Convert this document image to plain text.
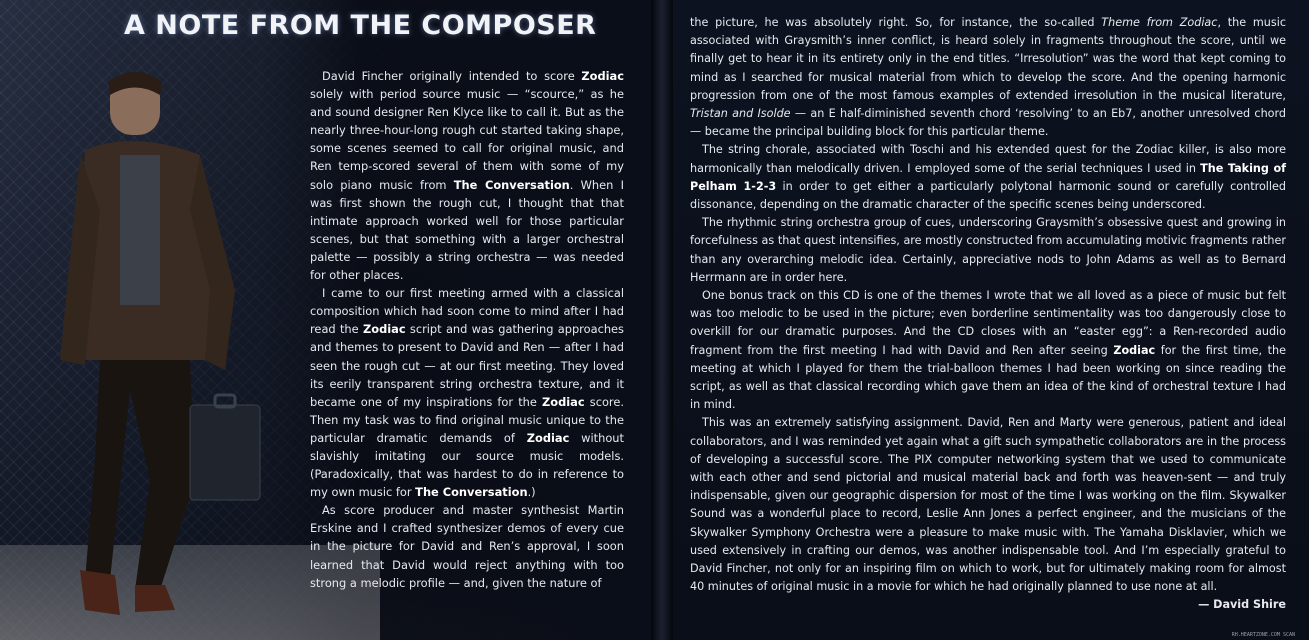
A NOTE FROM THE COMPOSER

David Fincher originally intended to score Zodiac solely with period source music — “scource,” as he and sound designer Ren Klyce like to call it. But as the nearly three-hour-long rough cut started taking shape, some scenes seemed to call for original music, and Ren temp-scored several of them with some of my solo piano music from The Conversation. When I was first shown the rough cut, I thought that that intimate approach worked well for those particular scenes, but that something with a larger orchestral palette — possibly a string orchestra — was needed for other places.

I came to our first meeting armed with a classical composition which had soon come to mind after I had read the Zodiac script and was gathering approaches and themes to present to David and Ren — after I had seen the rough cut — at our first meeting. They loved its eerily transparent string orchestra texture, and it became one of my inspirations for the Zodiac score. Then my task was to find original music unique to the particular dramatic demands of Zodiac without slavishly imitating our source music models. (Paradoxically, that was hardest to do in reference to my own music for The Conversation.)

As score producer and master synthesist Martin Erskine and I crafted synthesizer demos of every cue in the picture for David and Ren’s approval, I soon learned that David would reject anything with too strong a melodic profile — and, given the nature of

the picture, he was absolutely right. So, for instance, the so-called Theme from Zodiac, the music associated with Graysmith’s inner conflict, is heard solely in fragments throughout the score, until we finally get to hear it in its entirety only in the end titles. “Irresolution” was the word that kept coming to mind as I searched for musical material from which to develop the score. And the opening harmonic progression from one of the most famous examples of extended irresolution in the musical literature, Tristan and Isolde — an E half-diminished seventh chord ‘resolving’ to an Eb7, another unresolved chord — became the principal building block for this particular theme.

The string chorale, associated with Toschi and his extended quest for the Zodiac killer, is also more harmonically than melodically driven. I employed some of the serial techniques I used in The Taking of Pelham 1-2-3 in order to get either a particularly polytonal harmonic sound or carefully controlled dissonance, depending on the dramatic character of the specific scenes being underscored.

The rhythmic string orchestra group of cues, underscoring Graysmith’s obsessive quest and growing in forcefulness as that quest intensifies, are mostly constructed from accumulating motivic fragments rather than any overarching melodic idea. Certainly, appreciative nods to John Adams as well as to Bernard Herrmann are in order here.

One bonus track on this CD is one of the themes I wrote that we all loved as a piece of music but felt was too melodic to be used in the picture; even borderline sentimentality was too dangerously close to overkill for our dramatic purposes. And the CD closes with an “easter egg”: a Ren-recorded audio fragment from the first meeting I had with David and Ren after seeing Zodiac for the first time, the meeting at which I played for them the trial-balloon themes I had been working on since reading the script, as well as that classical recording which gave them an idea of the kind of orchestral texture I had in mind.

This was an extremely satisfying assignment. David, Ren and Marty were generous, patient and ideal collaborators, and I was reminded yet again what a gift such sympathetic collaborators are in the process of developing a successful score. The PIX computer networking system that we used to communicate with each other and send pictorial and musical material back and forth was heaven-sent — and truly indispensable, given our geographic dispersion for most of the time I was working on the film. Skywalker Sound was a wonderful place to record, Leslie Ann Jones a perfect engineer, and the musicians of the Skywalker Symphony Orchestra were a pleasure to make music with. The Yamaha Disklavier, which we used extensively in crafting our demos, was another indispensable tool. And I’m especially grateful to David Fincher, not only for an inspiring film on which to work, but for ultimately making room for almost 40 minutes of original music in a movie for which he had originally planned to use none at all.

— David Shire

RH.HEARTZONE.COM SCAN
